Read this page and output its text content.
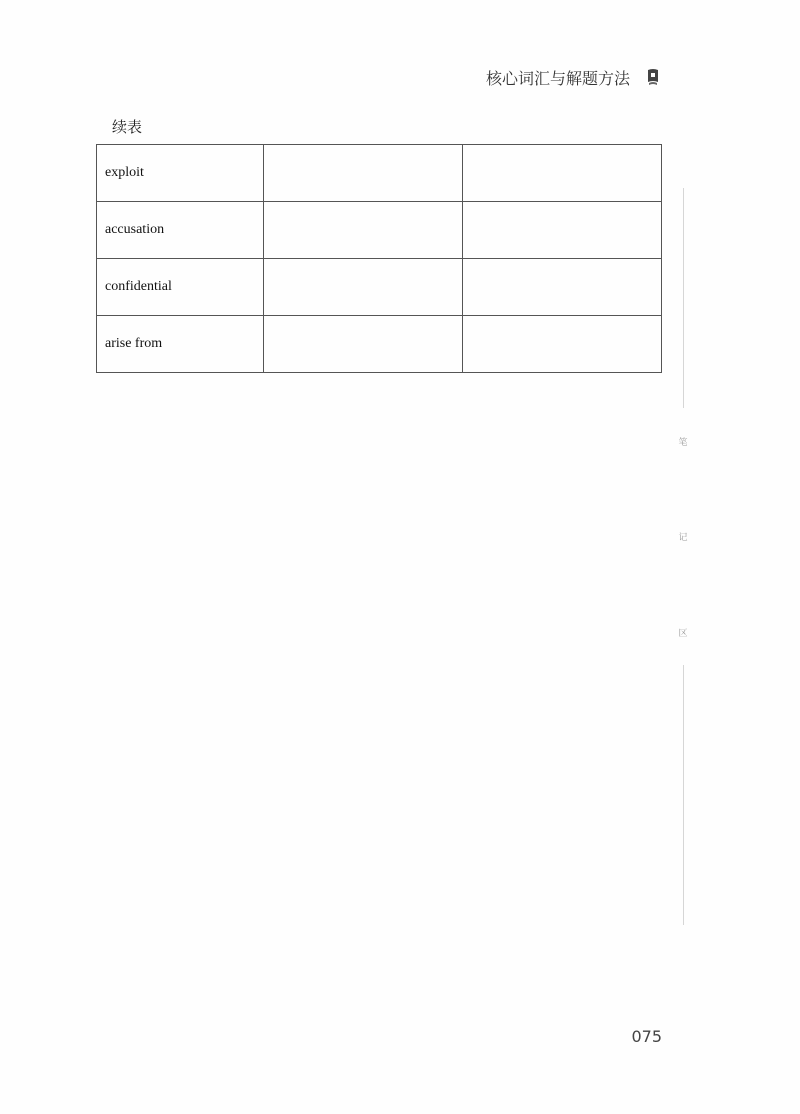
核心词汇与解题方法
续表
exploit		
accusation		
confidential		
arise from		
笔
记
区
075
